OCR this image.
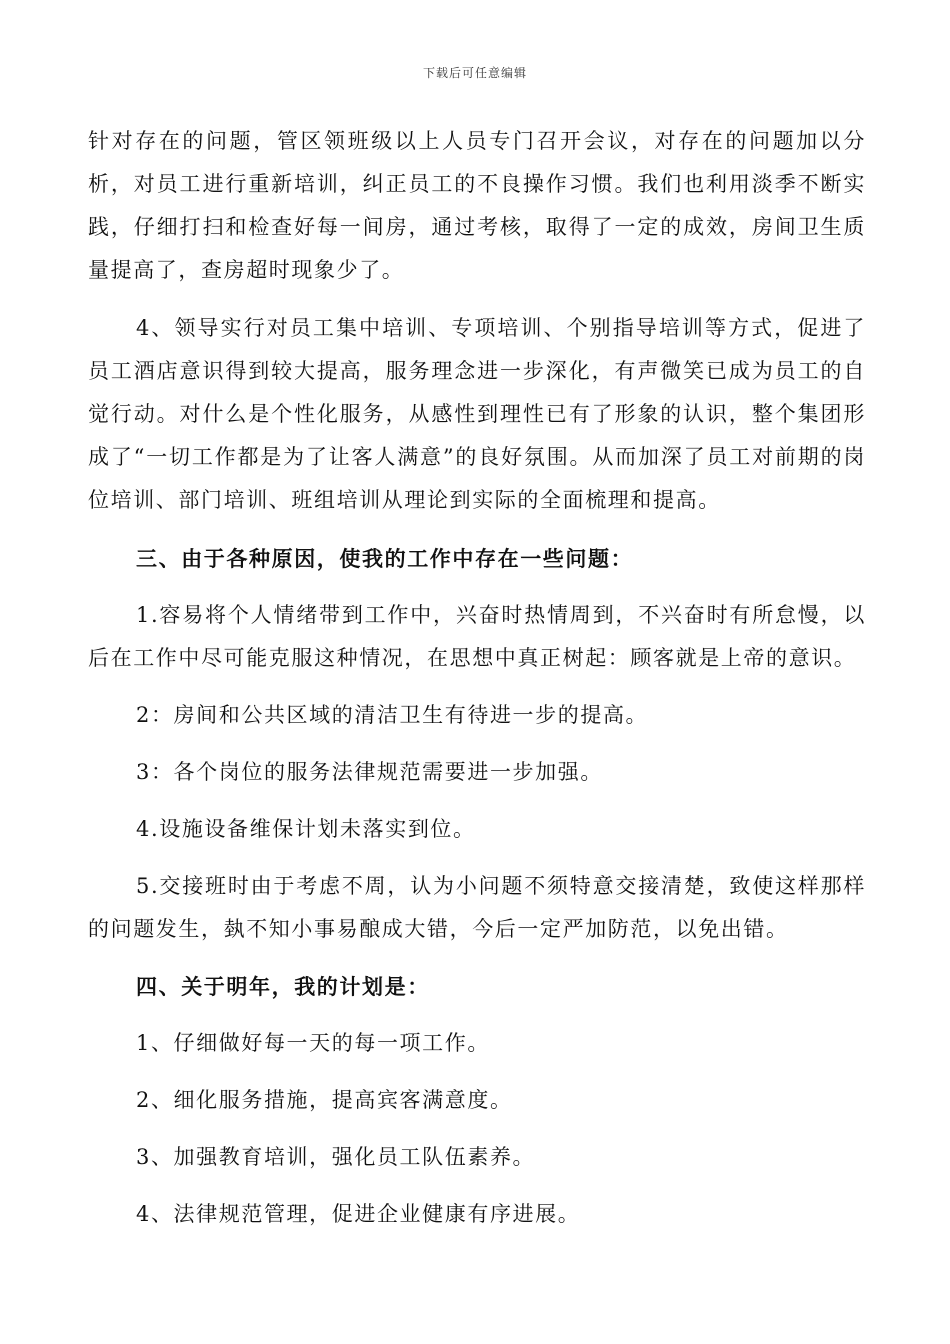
下载后可任意编辑

针对存在的问题，管区领班级以上人员专门召开会议，对存在的问题加以分析，对员工进行重新培训，纠正员工的不良操作习惯。我们也利用淡季不断实践，仔细打扫和检查好每一间房，通过考核，取得了一定的成效，房间卫生质量提高了，查房超时现象少了。

4、领导实行对员工集中培训、专项培训、个别指导培训等方式，促进了员工酒店意识得到较大提高，服务理念进一步深化，有声微笑已成为员工的自觉行动。对什么是个性化服务，从感性到理性已有了形象的认识，整个集团形成了“一切工作都是为了让客人满意”的良好氛围。从而加深了员工对前期的岗位培训、部门培训、班组培训从理论到实际的全面梳理和提高。

三、由于各种原因，使我的工作中存在一些问题：

1.容易将个人情绪带到工作中，兴奋时热情周到，不兴奋时有所怠慢，以后在工作中尽可能克服这种情况，在思想中真正树起：顾客就是上帝的意识。

2：房间和公共区域的清洁卫生有待进一步的提高。

3：各个岗位的服务法律规范需要进一步加强。

4.设施设备维保计划未落实到位。

5.交接班时由于考虑不周，认为小问题不须特意交接清楚，致使这样那样的问题发生，埶不知小事易酿成大错，今后一定严加防范，以免出错。

四、关于明年，我的计划是：

1、仔细做好每一天的每一项工作。

2、细化服务措施，提高宾客满意度。

3、加强教育培训，强化员工队伍素养。

4、法律规范管理，促进企业健康有序进展。
